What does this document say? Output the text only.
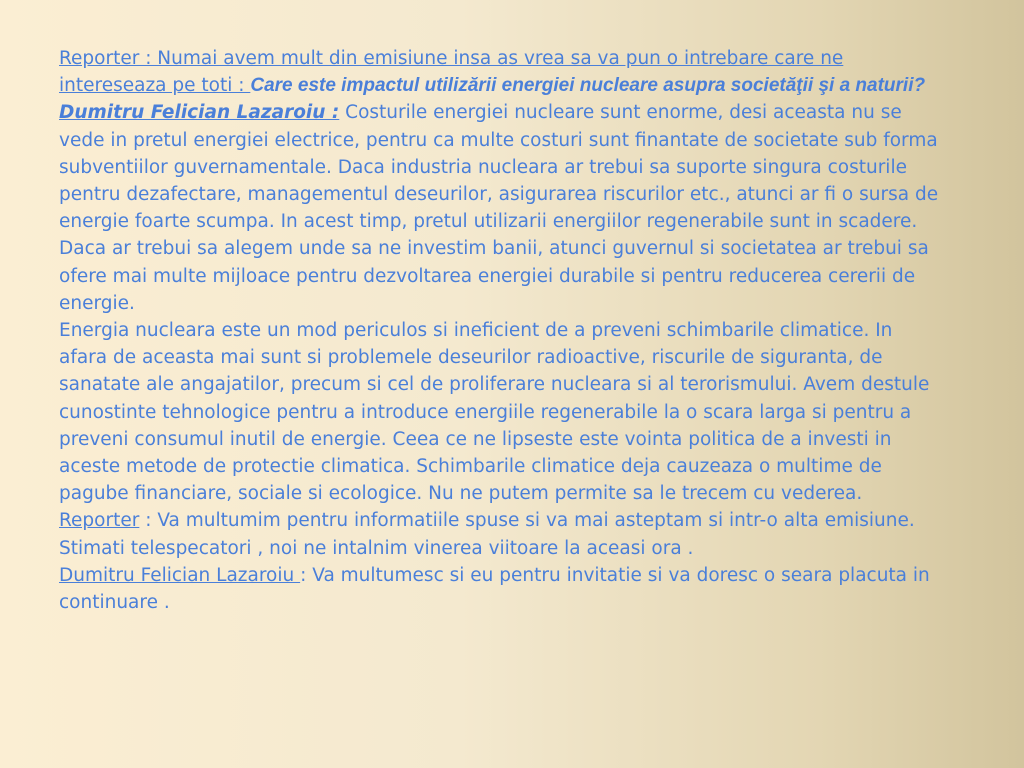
Reporter : Numai avem mult din emisiune insa as vrea sa va pun o intrebare care ne intereseaza pe toti : Care este impactul utilizării energiei nucleare asupra societăţii şi a naturii?

Dumitru Felician Lazaroiu : Costurile energiei nucleare sunt enorme, desi aceasta nu se vede in pretul energiei electrice, pentru ca multe costuri sunt finantate de societate sub forma subventiilor guvernamentale. Daca industria nucleara ar trebui sa suporte singura costurile pentru dezafectare, managementul deseurilor, asigurarea riscurilor etc., atunci ar fi o sursa de energie foarte scumpa. In acest timp, pretul utilizarii energiilor regenerabile sunt in scadere. Daca ar trebui sa alegem unde sa ne investim banii, atunci guvernul si societatea ar trebui sa ofere mai multe mijloace pentru dezvoltarea energiei durabile si pentru reducerea cererii de energie.

Energia nucleara este un mod periculos si ineficient de a preveni schimbarile climatice. In afara de aceasta mai sunt si problemele deseurilor radioactive, riscurile de siguranta, de sanatate ale angajatilor, precum si cel de proliferare nucleara si al terorismului. Avem destule cunostinte tehnologice pentru a introduce energiile regenerabile la o scara larga si pentru a preveni consumul inutil de energie. Ceea ce ne lipseste este vointa politica de a investi in aceste metode de protectie climatica. Schimbarile climatice deja cauzeaza o multime de pagube financiare, sociale si ecologice. Nu ne putem permite sa le trecem cu vederea.

Reporter : Va multumim pentru informatiile spuse si va mai asteptam si intr-o alta emisiune. Stimati telespecatori , noi ne intalnim vinerea viitoare la aceasi ora .

Dumitru Felician Lazaroiu : Va multumesc si eu pentru invitatie si va doresc o seara placuta in continuare .
